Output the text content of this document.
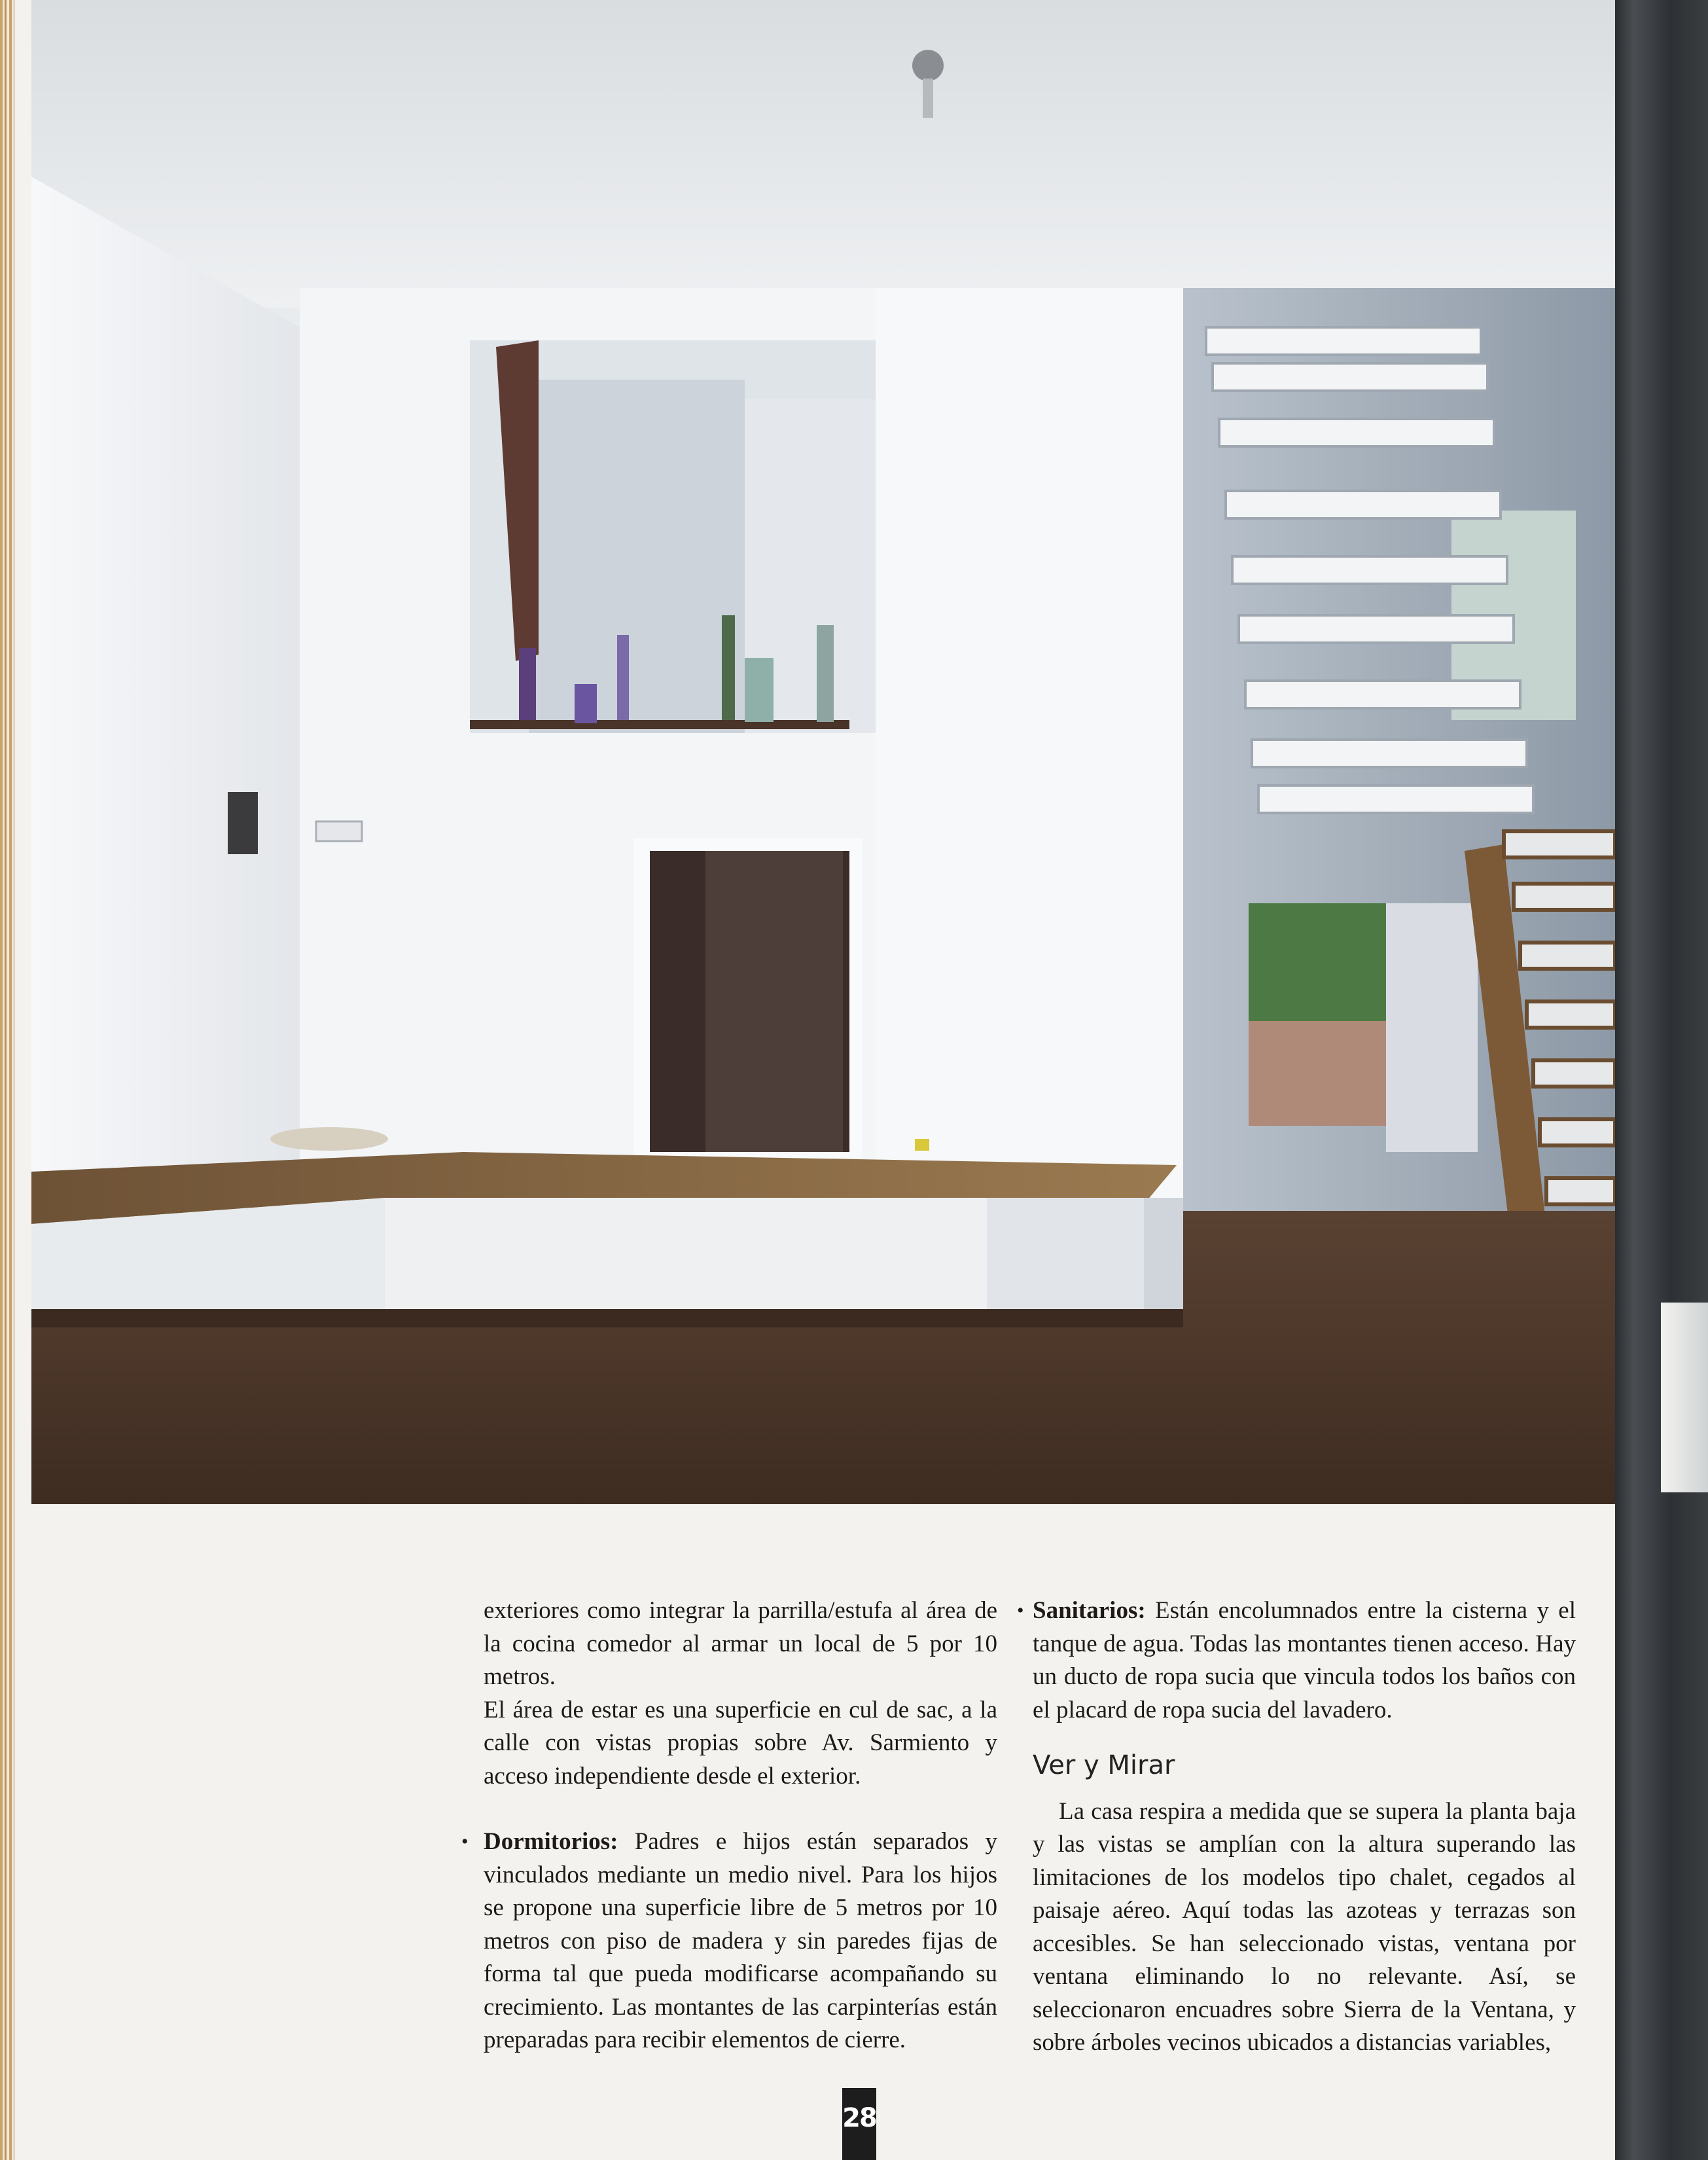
exteriores como integrar la parrilla/estufa al área de la cocina comedor al armar un local de 5 por 10 metros.

El área de estar es una superficie en cul de sac, a la calle con vistas propias sobre Av. Sarmiento y acceso independiente desde el exterior.

• Dormitorios: Padres e hijos están separados y vinculados mediante un medio nivel. Para los hijos se propone una superficie libre de 5 metros por 10 metros con piso de madera y sin paredes fijas de forma tal que pueda modificarse acompañando su crecimiento. Las montantes de las carpinterías están preparadas para recibir elementos de cierre.

• Sanitarios: Están encolumnados entre la cisterna y el tanque de agua. Todas las montantes tienen acceso. Hay un ducto de ropa sucia que vincula todos los baños con el placard de ropa sucia del lavadero.

Ver y Mirar

La casa respira a medida que se supera la planta baja y las vistas se amplían con la altura superando las limitaciones de los modelos tipo chalet, cegados al paisaje aéreo. Aquí todas las azoteas y terrazas son accesibles. Se han seleccionado vistas, ventana por ventana eliminando lo no relevante. Así, se seleccionaron encuadres sobre Sierra de la Ventana, y sobre árboles vecinos ubicados a distancias variables,

28
